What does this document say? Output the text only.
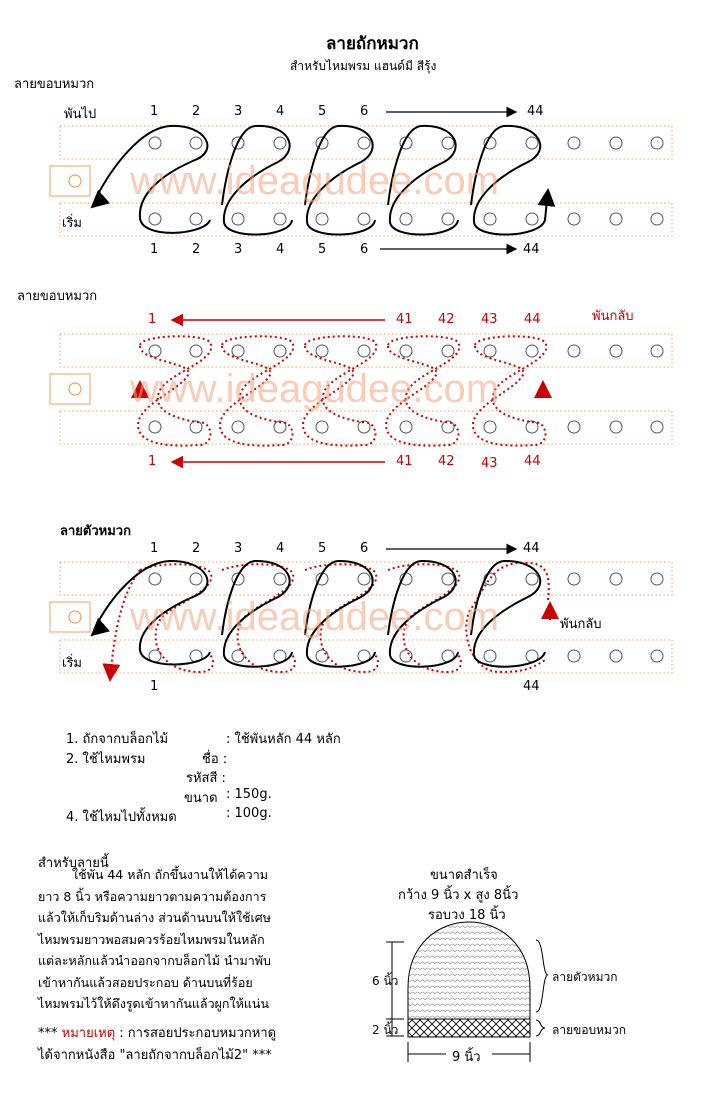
ลายถักหมวก
สำหรับไหมพรม แฮนด์มี สีรุ้ง
www.ideagudee.com
www.ideagudee.com
www.ideagudee.com
ลายขอบหมวก
พันไป
เริ่ม
1	2	3	4	5	6	44
1	2	3	4	5	6	44
ลายขอบหมวก
พันกลับ
1	41 42 43 44
1	41 42 43 44
ลายตัวหมวก
1	2	3	4	5	6	44
พันกลับ
เริ่ม
1	44
1. ถักจากบล็อกไม้	: ใช้พันหลัก 44 หลัก
2. ใช้ไหมพรม	ชื่อ :
รหัสสี :
ขนาด : 150g.
4. ใช้ไหมไปทั้งหมด	: 100g.
สำหรับลายนี้
ใช้พัน 44 หลัก ถักขึ้นงานให้ได้ความ
ยาว 8 นิ้ว หรือความยาวตามความต้องการ
แล้วให้เก็บริมด้านล่าง ส่วนด้านบนให้ใช้เศษ
ไหมพรมยาวพอสมควรร้อยไหมพรมในหลัก
แต่ละหลักแล้วนำออกจากบล็อกไม้ นำมาพับ
เข้าหากันแล้วสอยประกอบ ด้านบนที่ร้อย
ไหมพรมไว้ให้ดึงรูดเข้าหากันแล้วผูกให้แน่น
*** หมายเหตุ : การสอยประกอบหมวกหาดู
ได้จากหนังสือ "ลายถักจากบล็อกไม้2" ***
ขนาดสำเร็จ
กว้าง 9 นิ้ว x สูง 8นิ้ว
รอบวง 18 นิ้ว
6 นิ้ว
2 นิ้ว
9 นิ้ว
ลายตัวหมวก
ลายขอบหมวก
